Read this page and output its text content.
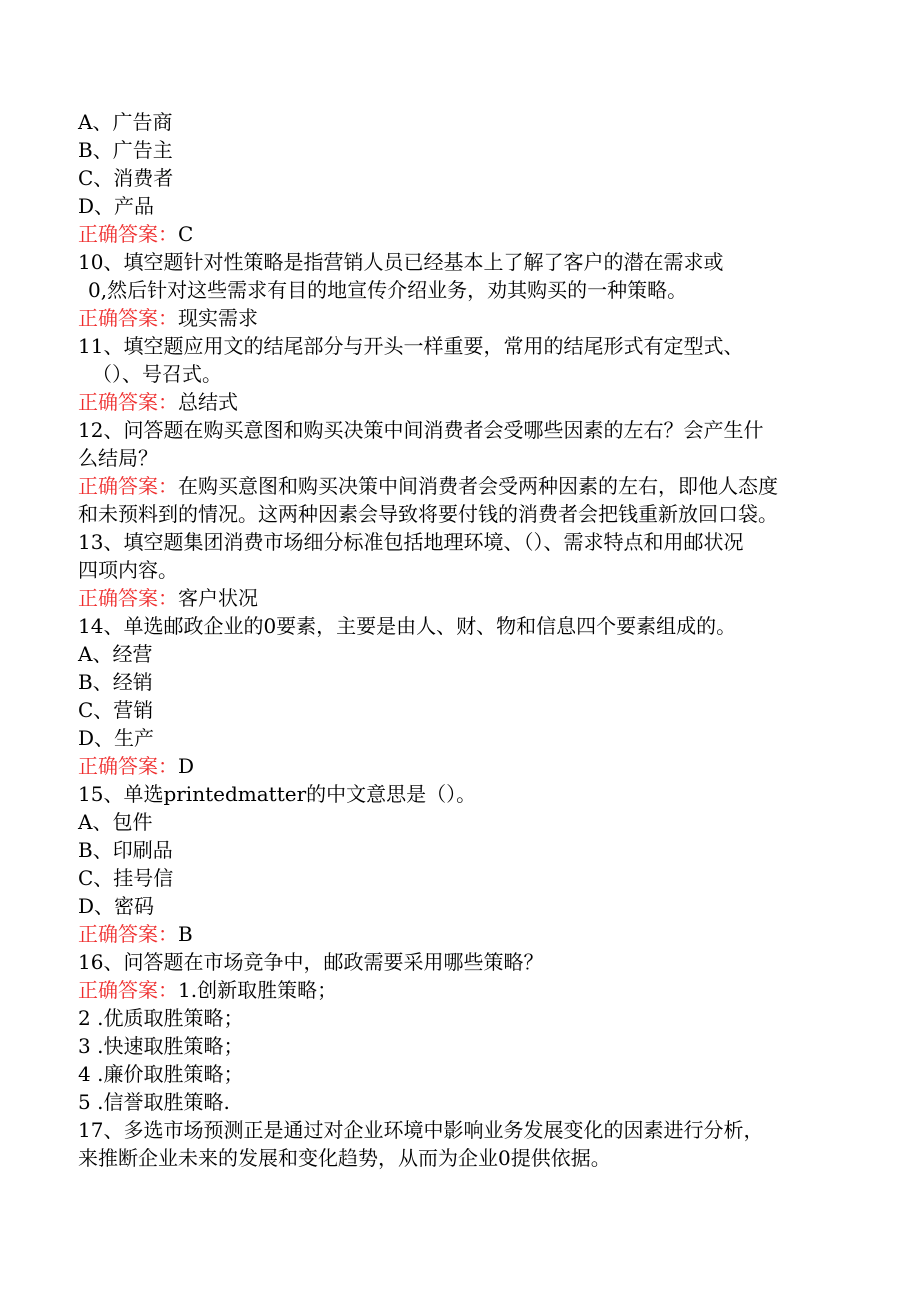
A、广告商
B、广告主
C、消费者
D、产品
正确答案：C
10、填空题针对性策略是指营销人员已经基本上了解了客户的潜在需求或
0,然后针对这些需求有目的地宣传介绍业务，劝其购买的一种策略。
正确答案：现实需求
11、填空题应用文的结尾部分与开头一样重要，常用的结尾形式有定型式、
（）、号召式。
正确答案：总结式
12、问答题在购买意图和购买决策中间消费者会受哪些因素的左右？会产生什
么结局？
正确答案：在购买意图和购买决策中间消费者会受两种因素的左右，即他人态度
和未预料到的情况。这两种因素会导致将要付钱的消费者会把钱重新放回口袋。
13、填空题集团消费市场细分标准包括地理环境、（）、需求特点和用邮状况
四项内容。
正确答案：客户状况
14、单选邮政企业的0要素，主要是由人、财、物和信息四个要素组成的。
A、经营
B、经销
C、营销
D、生产
正确答案：D
15、单选printedmatter的中文意思是（）。
A、包件
B、印刷品
C、挂号信
D、密码
正确答案：B
16、问答题在市场竞争中，邮政需要采用哪些策略？
正确答案：1.创新取胜策略；
2 .优质取胜策略；
3 .快速取胜策略；
4 .廉价取胜策略；
5 .信誉取胜策略.
17、多选市场预测正是通过对企业环境中影响业务发展变化的因素进行分析，
来推断企业未来的发展和变化趋势，从而为企业0提供依据。
